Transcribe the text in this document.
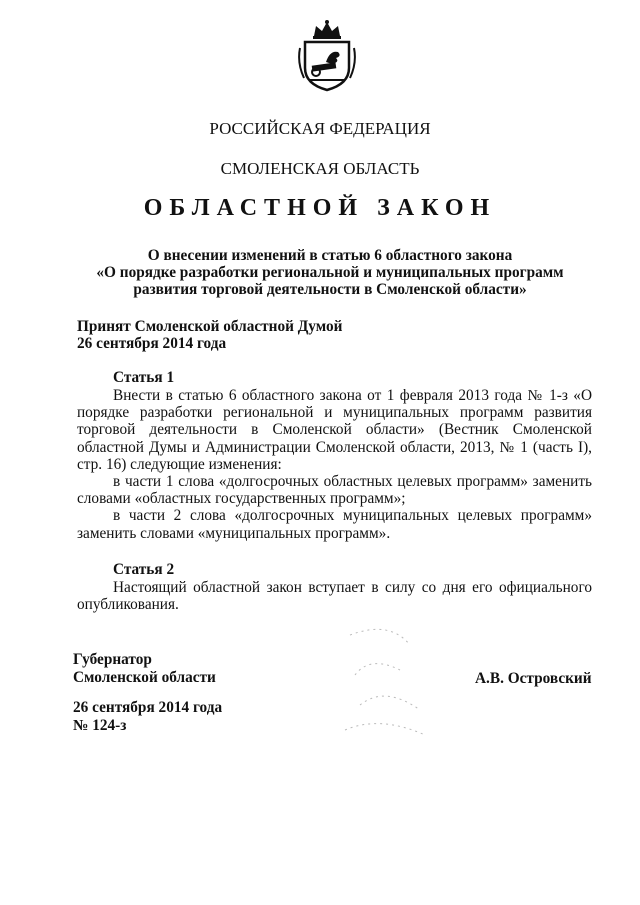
РОССИЙСКАЯ ФЕДЕРАЦИЯ
СМОЛЕНСКАЯ ОБЛАСТЬ
ОБЛАСТНОЙ ЗАКОН
О внесении изменений в статью 6 областного закона
«О порядке разработки региональной и муниципальных программ
развития торговой деятельности в Смоленской области»
Принят Смоленской областной Думой
26 сентября 2014 года
Статья 1

Внести в статью 6 областного закона от 1 февраля 2013 года № 1-з «О порядке разработки региональной и муниципальных программ развития торговой деятельности в Смоленской области» (Вестник Смоленской областной Думы и Администрации Смоленской области, 2013, № 1 (часть I), стр. 16) следующие изменения:

в части 1 слова «долгосрочных областных целевых программ» заменить словами «областных государственных программ»;

в части 2 слова «долгосрочных муниципальных целевых программ» заменить словами «муниципальных программ».

Статья 2

Настоящий областной закон вступает в силу со дня его официального опубликования.

Губернатор
Смоленской области	А.В. Островский
26 сентября 2014 года
№ 124-з
